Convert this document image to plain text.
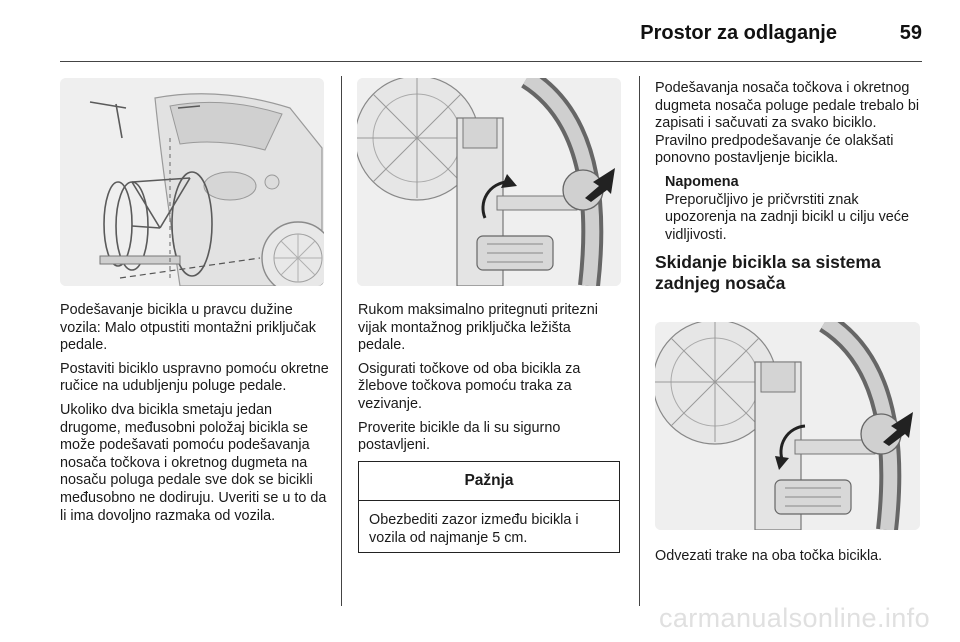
Prostor za odlaganje	59

Podešavanje bicikla u pravcu dužine vozila: Malo otpustiti montažni priključak pedale.

Postaviti biciklo uspravno pomoću okretne ručice na udubljenju poluge pedale.

Ukoliko dva bicikla smetaju jedan drugome, međusobni položaj bicikla se može podešavati pomoću podešavanja nosača točkova i okretnog dugmeta na nosaču poluga pedale sve dok se bicikli međusobno ne dodiruju. Uveriti se u to da li ima dovoljno razmaka od vozila.

Rukom maksimalno pritegnuti pritezni vijak montažnog priključka ležišta pedale.

Osigurati točkove od oba bicikla za žlebove točkova pomoću traka za vezivanje.

Proverite bicikle da li su sigurno postavljeni.

Pažnja
Obezbediti zazor između bicikla i vozila od najmanje 5 cm.

Podešavanja nosača točkova i okretnog dugmeta nosača poluge pedale trebalo bi zapisati i sačuvati za svako biciklo. Pravilno predpodešavanje će olakšati ponovno postavljenje bicikla.

Napomena
Preporučljivo je pričvrstiti znak upozorenja na zadnji bicikl u cilju veće vidljivosti.
Skidanje bicikla sa sistema zadnjeg nosača

Odvezati trake na oba točka bicikla.

carmanualsonline.info
